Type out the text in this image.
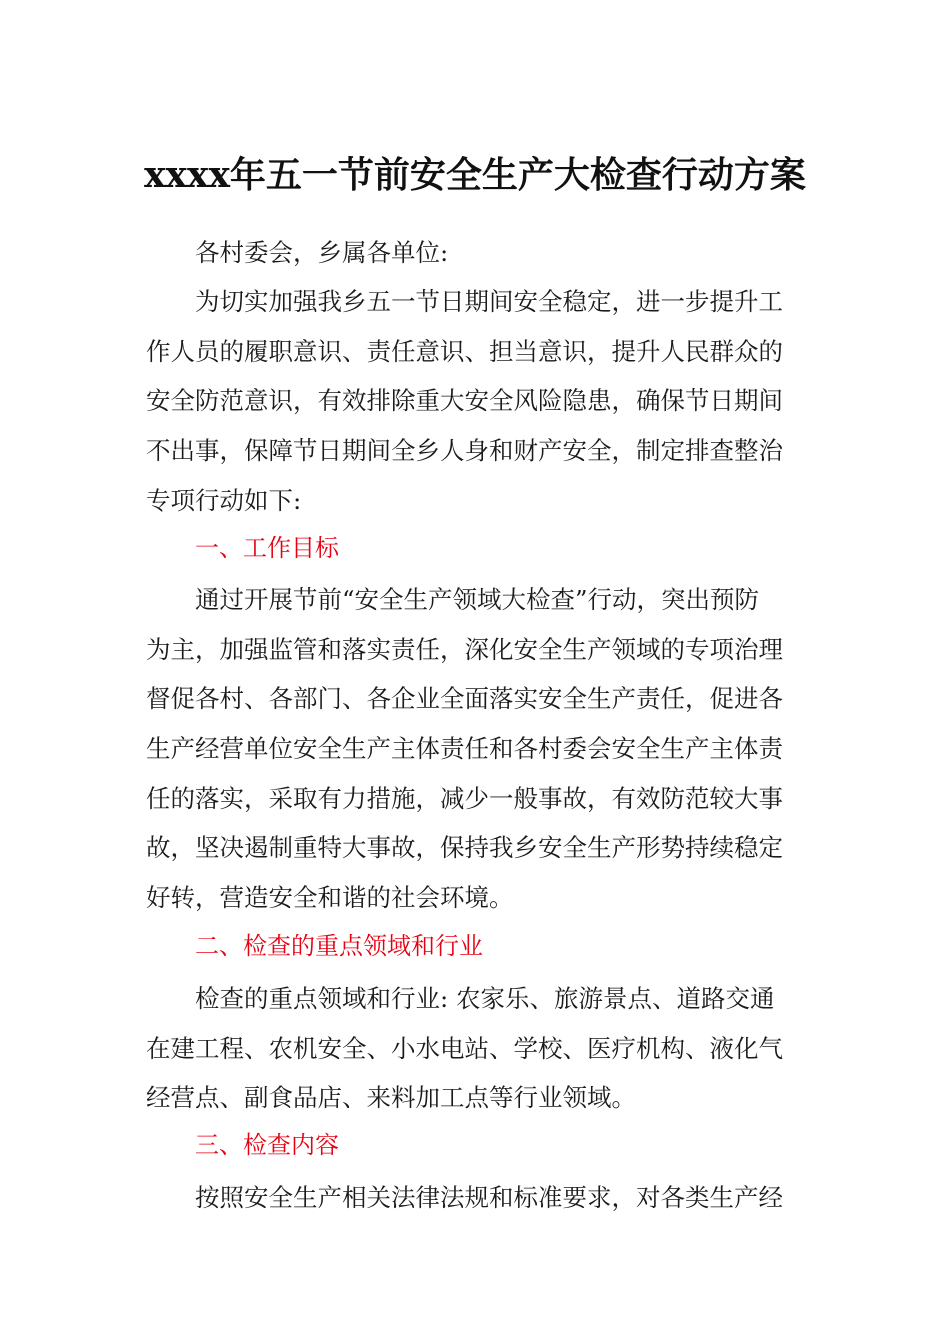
xxxx年五一节前安全生产大检查行动方案
各村委会，乡属各单位:
为切实加强我乡五一节日期间安全稳定，进一步提升工
作人员的履职意识、责任意识、担当意识，提升人民群众的
安全防范意识，有效排除重大安全风险隐患，确保节日期间
不出事，保障节日期间全乡人身和财产安全，制定排查整治
专项行动如下:
一、工作目标
通过开展节前“安全生产领域大检查”行动，突出预防
为主，加强监管和落实责任，深化安全生产领域的专项治理
督促各村、各部门、各企业全面落实安全生产责任，促进各
生产经营单位安全生产主体责任和各村委会安全生产主体责
任的落实，采取有力措施，减少一般事故，有效防范较大事
故，坚决遏制重特大事故，保持我乡安全生产形势持续稳定
好转，营造安全和谐的社会环境。
二、检查的重点领域和行业
检查的重点领域和行业: 农家乐、旅游景点、道路交通
在建工程、农机安全、小水电站、学校、医疗机构、液化气
经营点、副食品店、来料加工点等行业领域。
三、检查内容
按照安全生产相关法律法规和标准要求，对各类生产经
